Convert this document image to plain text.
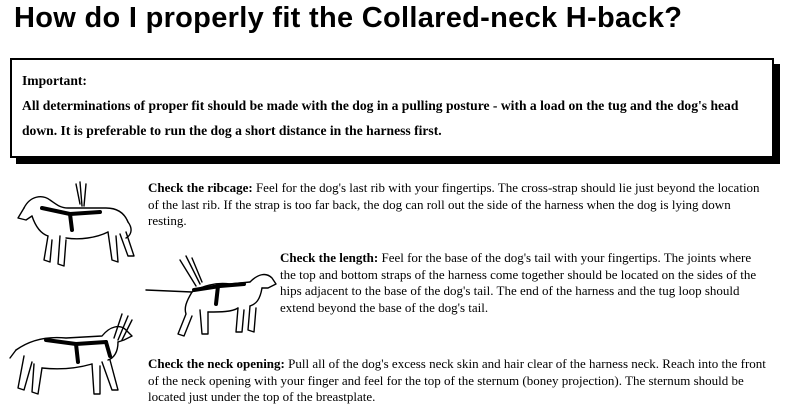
How do I properly fit the Collared-neck H-back?
Important:
All determinations of proper fit should be made with the dog in a pulling posture - with a load on the tug and the dog's head down. It is preferable to run the dog a short distance in the harness first.
Check the ribcage: Feel for the dog's last rib with your fingertips. The cross-strap should lie just beyond the location of the last rib. If the strap is too far back, the dog can roll out the side of the harness when the dog is lying down resting.
Check the length: Feel for the base of the dog's tail with your fingertips. The joints where the top and bottom straps of the harness come together should be located on the sides of the hips adjacent to the base of the dog's tail. The end of the harness and the tug loop should extend beyond the base of the dog's tail.
Check the neck opening: Pull all of the dog's excess neck skin and hair clear of the harness neck. Reach into the front of the neck opening with your finger and feel for the top of the sternum (boney projection). The sternum should be located just under the top of the breastplate.
